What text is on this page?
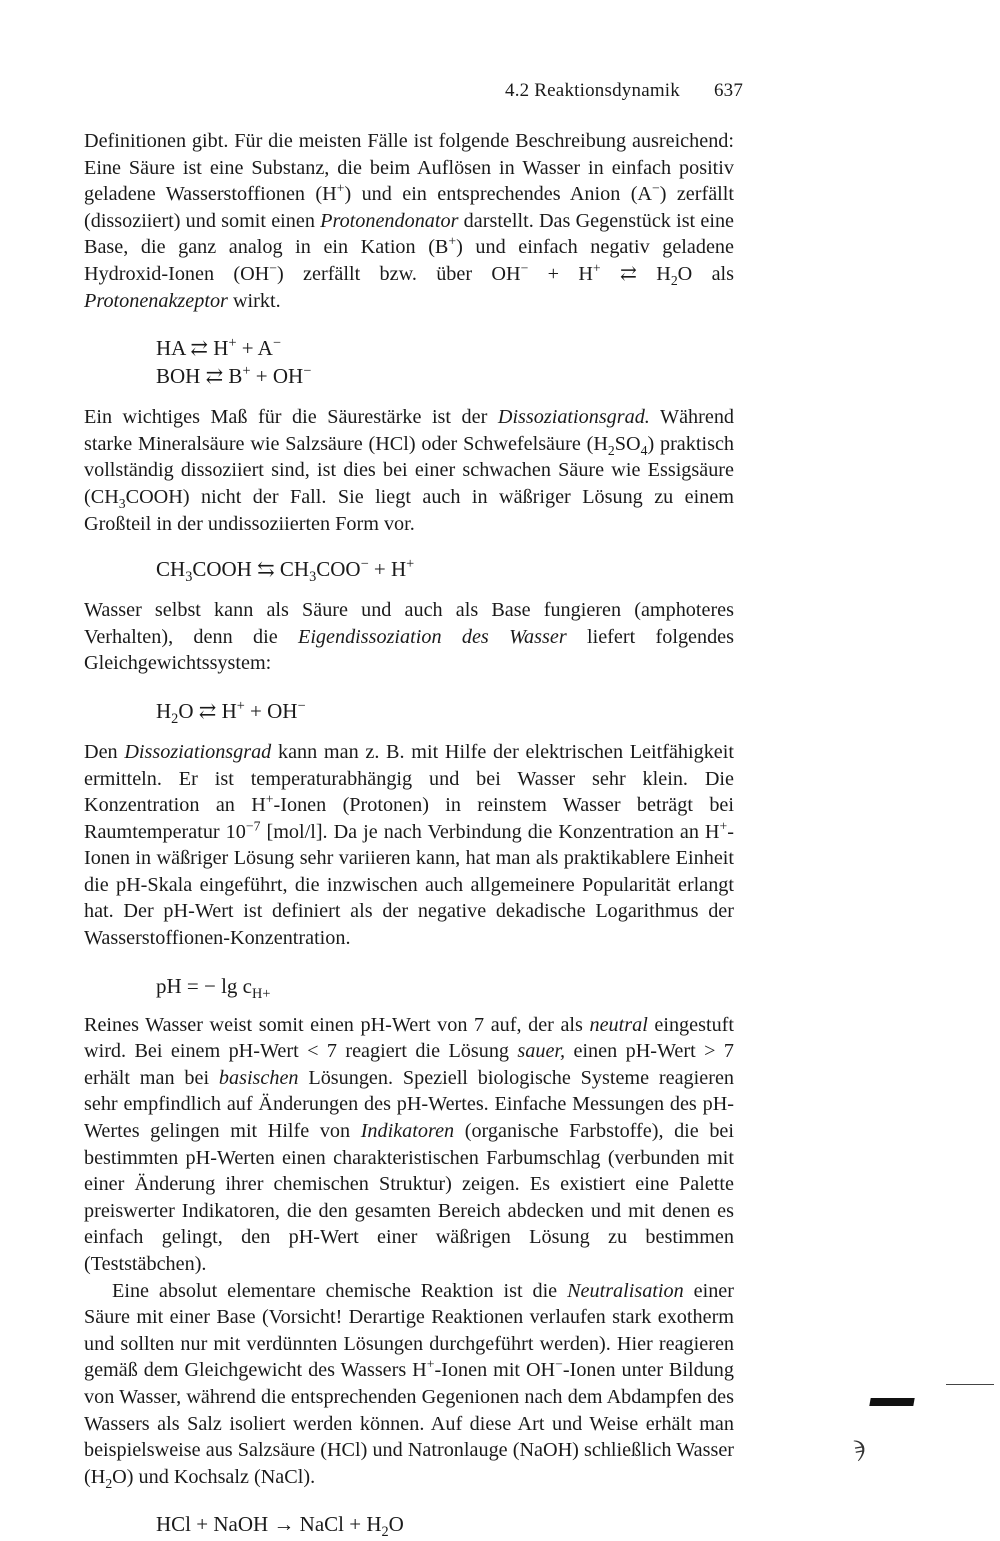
4.2 Reaktionsdynamik 637

Definitionen gibt. Für die meisten Fälle ist folgende Beschreibung ausreichend: Eine Säure ist eine Substanz, die beim Auflösen in Wasser in einfach positiv geladene Wasserstoffionen (H+) und ein entsprechendes Anion (A−) zerfällt (dissoziiert) und somit einen Protonendonator darstellt. Das Gegenstück ist eine Base, die ganz analog in ein Kation (B+) und einfach negativ geladene Hydroxid-Ionen (OH−) zerfällt bzw. über OH− + H+ ⇄ $H_2O$ als Protonenakzeptor wirkt.

HA ⇄ H+ + A−
BOH ⇄ B+ + OH−

Ein wichtiges Maß für die Säurestärke ist der Dissoziationsgrad. Während starke Mineralsäure wie Salzsäure (HCl) oder Schwefelsäure $(H_2SO_4)$ praktisch vollständig dissoziiert sind, ist dies bei einer schwachen Säure wie Essigsäure $(CH_3COOH)$ nicht der Fall. Sie liegt auch in wäßriger Lösung zu einem Großteil in der undissoziierten Form vor.

$CH_3COOH$ ⇆ $CH_3COO^- + H^+$

Wasser selbst kann als Säure und auch als Base fungieren (amphoteres Verhalten), denn die Eigendissoziation des Wasser liefert folgendes Gleichgewichtssystem:

$H_2O$ ⇄ H+ + OH−

Den Dissoziationsgrad kann man z. B. mit Hilfe der elektrischen Leitfähigkeit ermitteln. Er ist temperaturabhängig und bei Wasser sehr klein. Die Konzentration an H+-Ionen (Protonen) in reinstem Wasser beträgt bei Raumtemperatur $10^{-7}$ [mol/l]. Da je nach Verbindung die Konzentration an H+-Ionen in wäßriger Lösung sehr variieren kann, hat man als praktikablere Einheit die pH-Skala eingeführt, die inzwischen auch allgemeinere Popularität erlangt hat. Der pH-Wert ist definiert als der negative dekadische Logarithmus der Wasserstoffionen-Konzentration.

pH = − $\lg c_{H+}$

Reines Wasser weist somit einen pH-Wert von 7 auf, der als neutral eingestuft wird. Bei einem pH-Wert < 7 reagiert die Lösung sauer, einen pH-Wert > 7 erhält man bei basischen Lösungen. Speziell biologische Systeme reagieren sehr empfindlich auf Änderungen des pH-Wertes. Einfache Messungen des pH-Wertes gelingen mit Hilfe von Indikatoren (organische Farbstoffe), die bei bestimmten pH-Werten einen charakteristischen Farbumschlag (verbunden mit einer Änderung ihrer chemischen Struktur) zeigen. Es existiert eine Palette preiswerter Indikatoren, die den gesamten Bereich abdecken und mit denen es einfach gelingt, den pH-Wert einer wäßrigen Lösung zu bestimmen (Teststäbchen).

Eine absolut elementare chemische Reaktion ist die Neutralisation einer Säure mit einer Base (Vorsicht! Derartige Reaktionen verlaufen stark exotherm und sollten nur mit verdünnten Lösungen durchgeführt werden). Hier reagieren gemäß dem Gleichgewicht des Wassers H+-Ionen mit OH−-Ionen unter Bildung von Wasser, während die entsprechenden Gegenionen nach dem Abdampfen des Wassers als Salz isoliert werden können. Auf diese Art und Weise erhält man beispielsweise aus Salzsäure (HCl) und Natronlauge (NaOH) schließlich Wasser $(H_2O)$ und Kochsalz (NaCl).

HCl + NaOH → NaCl + $H_2O$
ϡ
